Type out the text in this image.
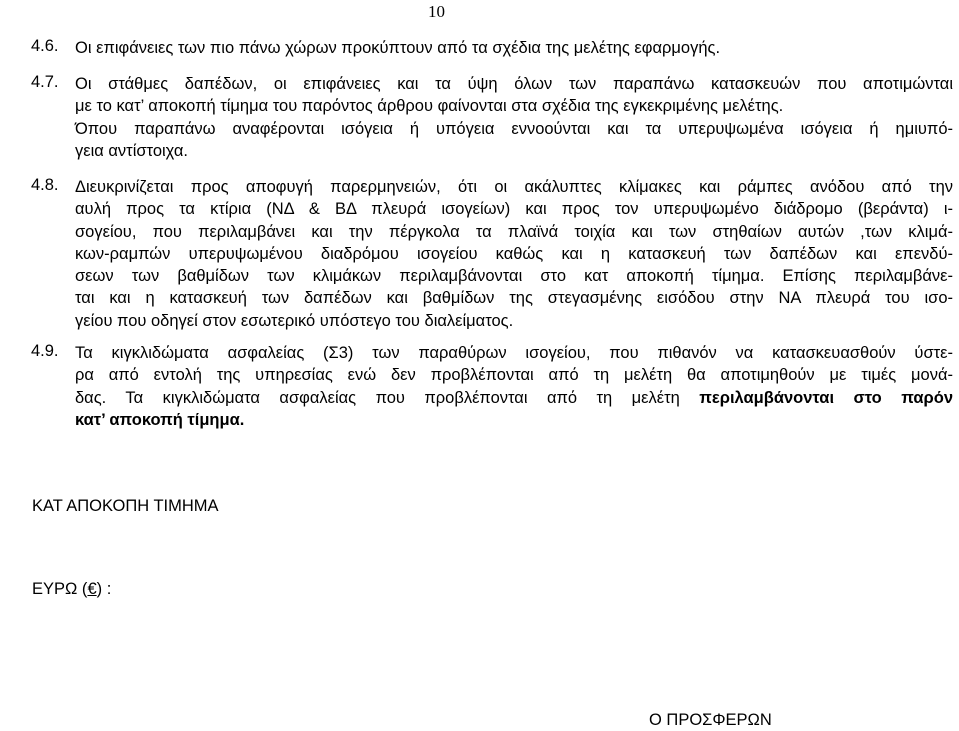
10
4.6. Οι επιφάνειες των πιο πάνω χώρων προκύπτουν από τα σχέδια της μελέτης εφαρμογής.
4.7. Οι στάθμες δαπέδων, οι επιφάνειες και τα ύψη όλων των παραπάνω κατασκευών που αποτιμώνται
με το κατ’ αποκοπή τίμημα του παρόντος άρθρου φαίνονται στα σχέδια της εγκεκριμένης μελέτης.
Όπου παραπάνω αναφέρονται ισόγεια ή υπόγεια εννοούνται και τα υπερυψωμένα ισόγεια ή ημιυπό-
γεια αντίστοιχα.
4.8. Διευκρινίζεται προς αποφυγή παρερμηνειών, ότι οι ακάλυπτες κλίμακες και ράμπες ανόδου από την
αυλή προς τα κτίρια (ΝΔ & ΒΔ πλευρά ισογείων) και προς τον υπερυψωμένο διάδρομο (βεράντα) ι-
σογείου, που περιλαμβάνει και την πέργκολα τα πλαϊνά τοιχία και των στηθαίων αυτών ,των κλιμά-
κων-ραμπών υπερυψωμένου διαδρόμου ισογείου καθώς και η κατασκευή των δαπέδων και επενδύ-
σεων των βαθμίδων των κλιμάκων περιλαμβάνονται στο κατ αποκοπή τίμημα. Επίσης περιλαμβάνε-
ται και η κατασκευή των δαπέδων και βαθμίδων της στεγασμένης εισόδου στην ΝΑ πλευρά του ισο-
γείου που οδηγεί στον εσωτερικό υπόστεγο του διαλείματος.
4.9. Τα κιγκλιδώματα ασφαλείας (Σ3) των παραθύρων ισογείου, που πιθανόν να κατασκευασθούν ύστε-
ρα από εντολή της υπηρεσίας ενώ δεν προβλέπονται από τη μελέτη θα αποτιμηθούν με τιμές μονά-
δας. Τα κιγκλιδώματα ασφαλείας που προβλέπονται από τη μελέτη περιλαμβάνονται στο παρόν
κατ’ αποκοπή τίμημα.
ΚΑΤ ΑΠΟΚΟΠΗ ΤΙΜΗΜΑ
ΕΥΡΩ (€) :
Ο ΠΡΟΣΦΕΡΩΝ
